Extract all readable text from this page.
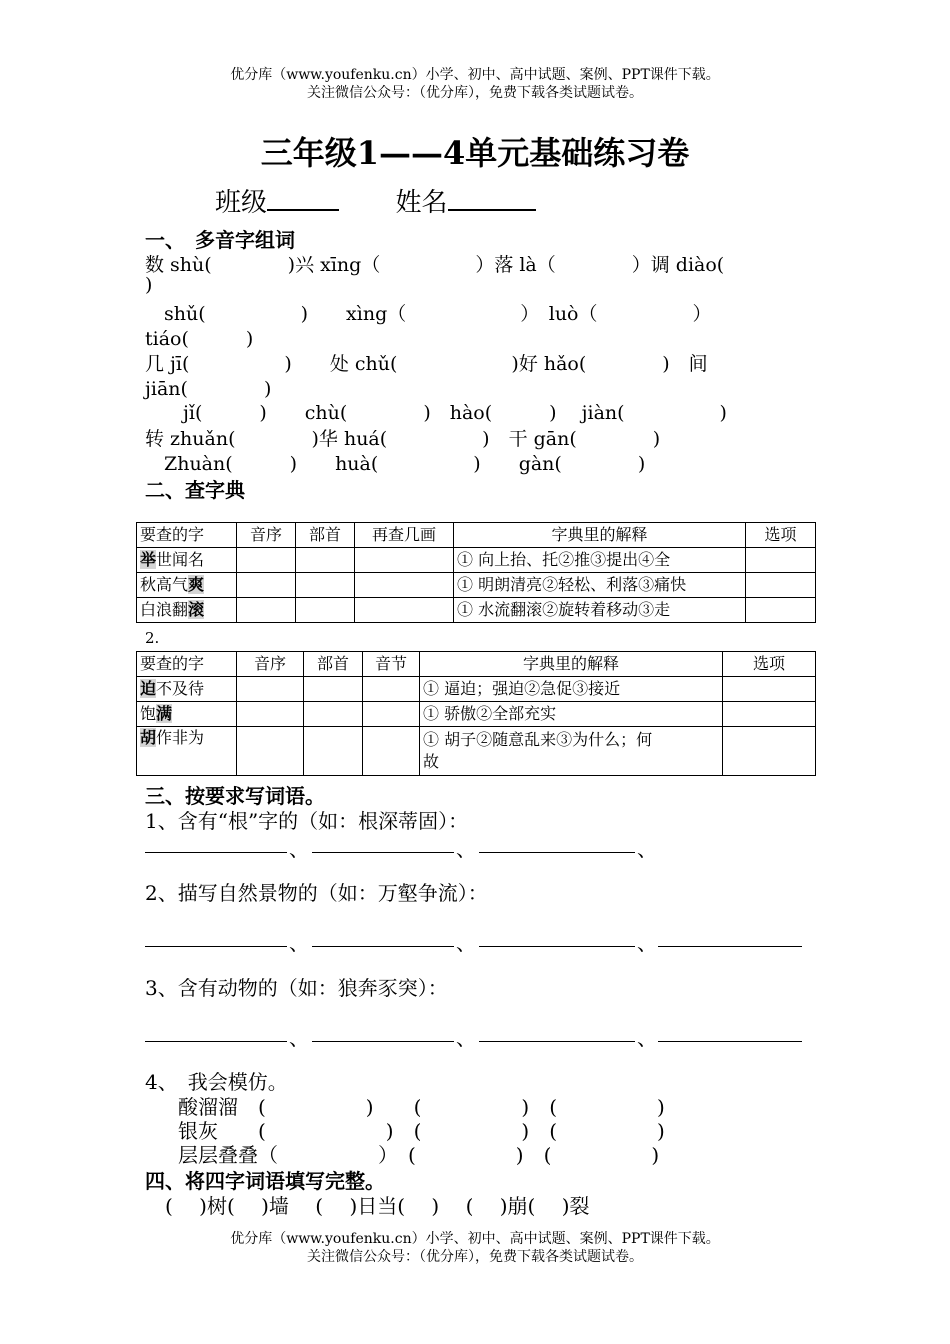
优分库（www.youfenku.cn）小学、初中、高中试题、案例、PPT课件下载。
关注微信公众号：（优分库），免费下载各类试题试卷。
三年级1——4单元基础练习卷
班级	姓名
一、　多音字组词
数 shù(　　　　)兴 xīng（　　　　　）落 là（　　　　）调 diào(
)
　shǔ(　　　　　)　　xìng（　　　　　　）　luò（　　　　　）
tiáo(　　　)
几 jī(　　　　　)　　处 chǔ(　　　　　　)好 hǎo(　　　　)　间
jiān(　　　　)
　　jǐ(　　　)　　chù(　　　　)　hào(　　　)　 jiàn(　　　　　)
转 zhuǎn(　　　　)华 huá(　　　　　)　干 gān(　　　　)
　Zhuàn(　　　)　　huà(　　　　　)　　gàn(　　　　)
二、查字典
要查的字	音序	部首	再查几画	字典里的解释	选项
举世闻名				① 向上抬、托②推③提出④全	
秋高气爽				① 明朗清亮②轻松、利落③痛快	
白浪翻滚				① 水流翻滚②旋转着移动③走	
2.
要查的字	音序	部首	音节	字典里的解释	选项
迫不及待				① 逼迫；强迫②急促③接近	
饱满				① 骄傲②全部充实	
胡作非为				① 胡子②随意乱来③为什么；何
故	

三、按要求写词语。
1、含有“根”字的（如：根深蒂固）：
、	、	、
2、描写自然景物的（如：万壑争流）：
、	、	、
3、含有动物的（如：狼奔豕突）：
、	、	、
4、　我会模仿。
酸溜溜　(　　　　　)　　(　　　　　)　(　　　　　)
银灰　　(　　　　　　)　(　　　　　)　(　　　　　)
层层叠叠（　　　　　）　(　　　　　)　(　　　　　)
四、将四字词语填写完整。
(　 )树(　 )墙　 (　 )日当(　 )　 (　 )崩(　 )裂
优分库（www.youfenku.cn）小学、初中、高中试题、案例、PPT课件下载。
关注微信公众号：（优分库），免费下载各类试题试卷。
